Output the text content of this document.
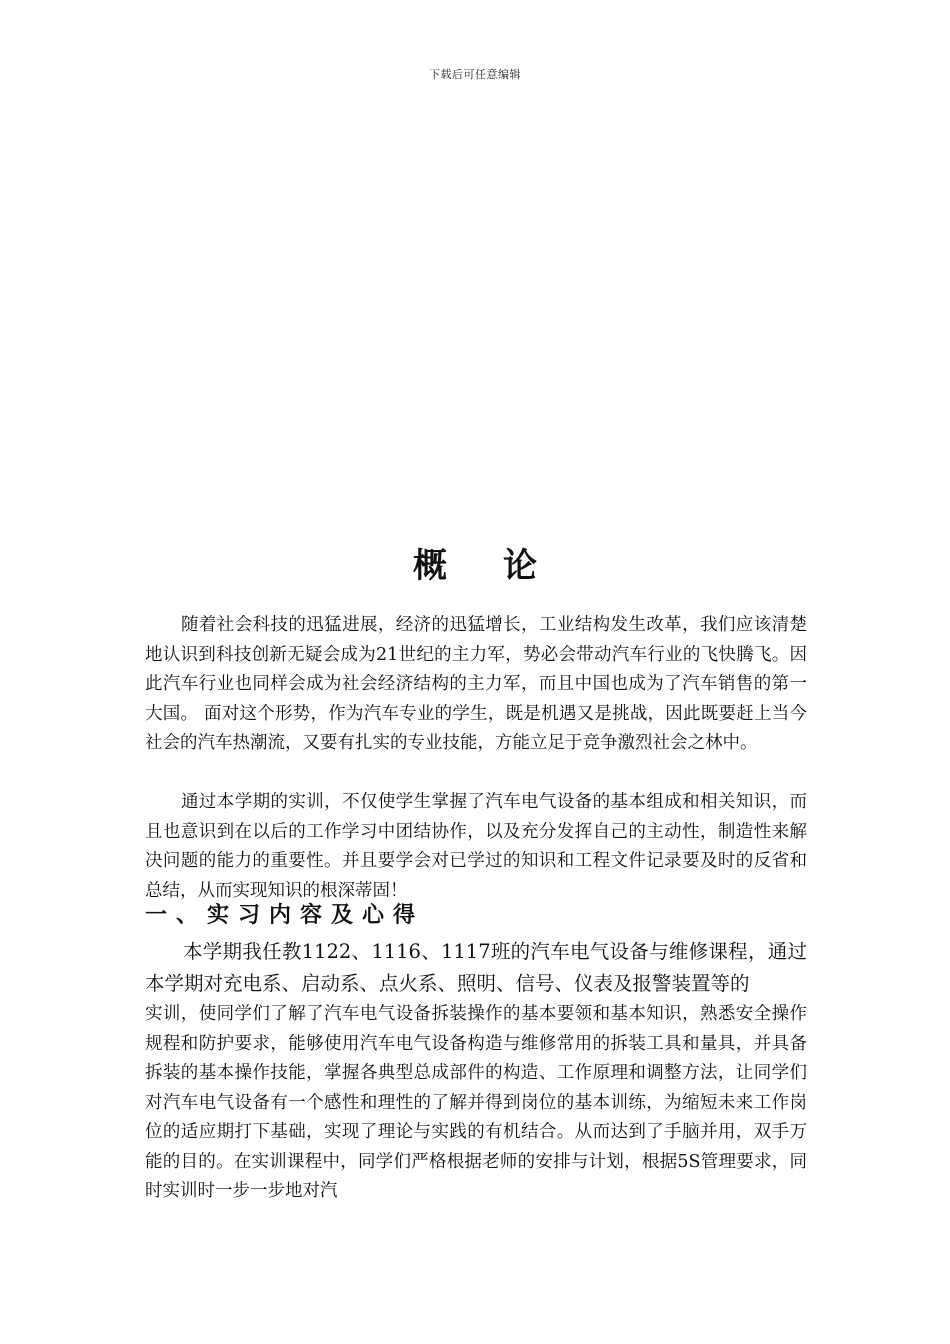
下载后可任意编辑
概论

随着社会科技的迅猛进展，经济的迅猛增长，工业结构发生改革，我们应该清楚地认识到科技创新无疑会成为21世纪的主力军，势必会带动汽车行业的飞快腾飞。因此汽车行业也同样会成为社会经济结构的主力军，而且中国也成为了汽车销售的第一大国。 面对这个形势，作为汽车专业的学生，既是机遇又是挑战，因此既要赶上当今社会的汽车热潮流，又要有扎实的专业技能，方能立足于竞争激烈社会之林中。

通过本学期的实训，不仅使学生掌握了汽车电气设备的基本组成和相关知识，而且也意识到在以后的工作学习中团结协作，以及充分发挥自己的主动性，制造性来解决问题的能力的重要性。并且要学会对已学过的知识和工程文件记录要及时的反省和总结，从而实现知识的根深蒂固！

一、实习内容及心得

本学期我任教1122、1116、1117班的汽车电气设备与维修课程，通过本学期对充电系、启动系、点火系、照明、信号、仪表及报警装置等的
实训，使同学们了解了汽车电气设备拆装操作的基本要领和基本知识，熟悉安全操作规程和防护要求，能够使用汽车电气设备构造与维修常用的拆装工具和量具，并具备拆装的基本操作技能，掌握各典型总成部件的构造、工作原理和调整方法，让同学们对汽车电气设备有一个感性和理性的了解并得到岗位的基本训练，为缩短未来工作岗位的适应期打下基础，实现了理论与实践的有机结合。从而达到了手脑并用，双手万能的目的。在实训课程中，同学们严格根据老师的安排与计划，根据5S管理要求，同时实训时一步一步地对汽
